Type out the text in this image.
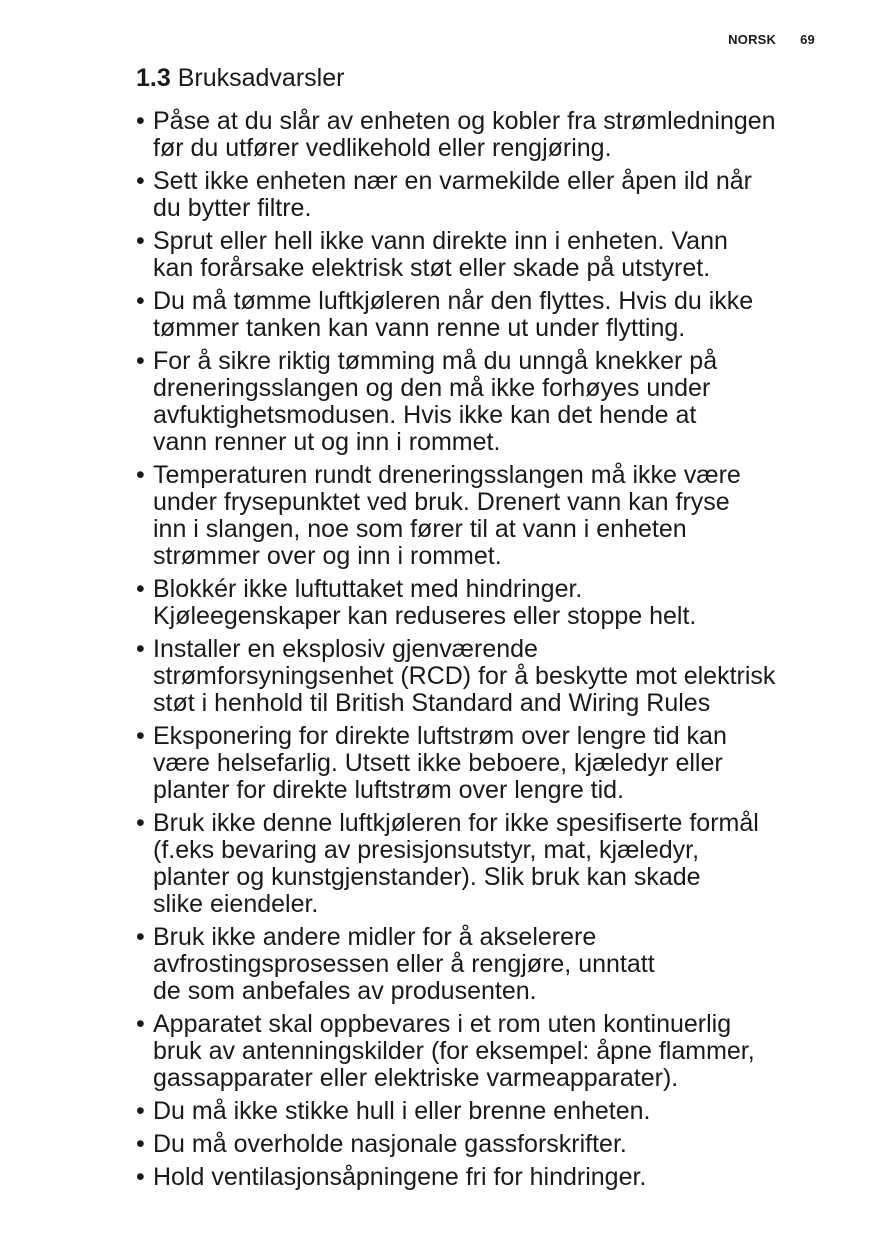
NORSK 69
1.3 Bruksadvarsler
• Påse at du slår av enheten og kobler fra strømledningen
før du utfører vedlikehold eller rengjøring.
• Sett ikke enheten nær en varmekilde eller åpen ild når
du bytter filtre.
• Sprut eller hell ikke vann direkte inn i enheten. Vann
kan forårsake elektrisk støt eller skade på utstyret.
• Du må tømme luftkjøleren når den flyttes. Hvis du ikke
tømmer tanken kan vann renne ut under flytting.
• For å sikre riktig tømming må du unngå knekker på
dreneringsslangen og den må ikke forhøyes under
avfuktighetsmodusen. Hvis ikke kan det hende at
vann renner ut og inn i rommet.
• Temperaturen rundt dreneringsslangen må ikke være
under frysepunktet ved bruk. Drenert vann kan fryse
inn i slangen, noe som fører til at vann i enheten
strømmer over og inn i rommet.
• Blokkér ikke luftuttaket med hindringer.
Kjøleegenskaper kan reduseres eller stoppe helt.
• Installer en eksplosiv gjenværende
strømforsyningsenhet (RCD) for å beskytte mot elektrisk
støt i henhold til British Standard and Wiring Rules
• Eksponering for direkte luftstrøm over lengre tid kan
være helsefarlig. Utsett ikke beboere, kjæledyr eller
planter for direkte luftstrøm over lengre tid.
• Bruk ikke denne luftkjøleren for ikke spesifiserte formål
(f.eks bevaring av presisjonsutstyr, mat, kjæledyr,
planter og kunstgjenstander). Slik bruk kan skade
slike eiendeler.
• Bruk ikke andere midler for å akselerere
avfrostingsprosessen eller å rengjøre, unntatt
de som anbefales av produsenten.
• Apparatet skal oppbevares i et rom uten kontinuerlig
bruk av antenningskilder (for eksempel: åpne flammer,
gassapparater eller elektriske varmeapparater).
• Du må ikke stikke hull i eller brenne enheten.
• Du må overholde nasjonale gassforskrifter.
• Hold ventilasjonsåpningene fri for hindringer.
